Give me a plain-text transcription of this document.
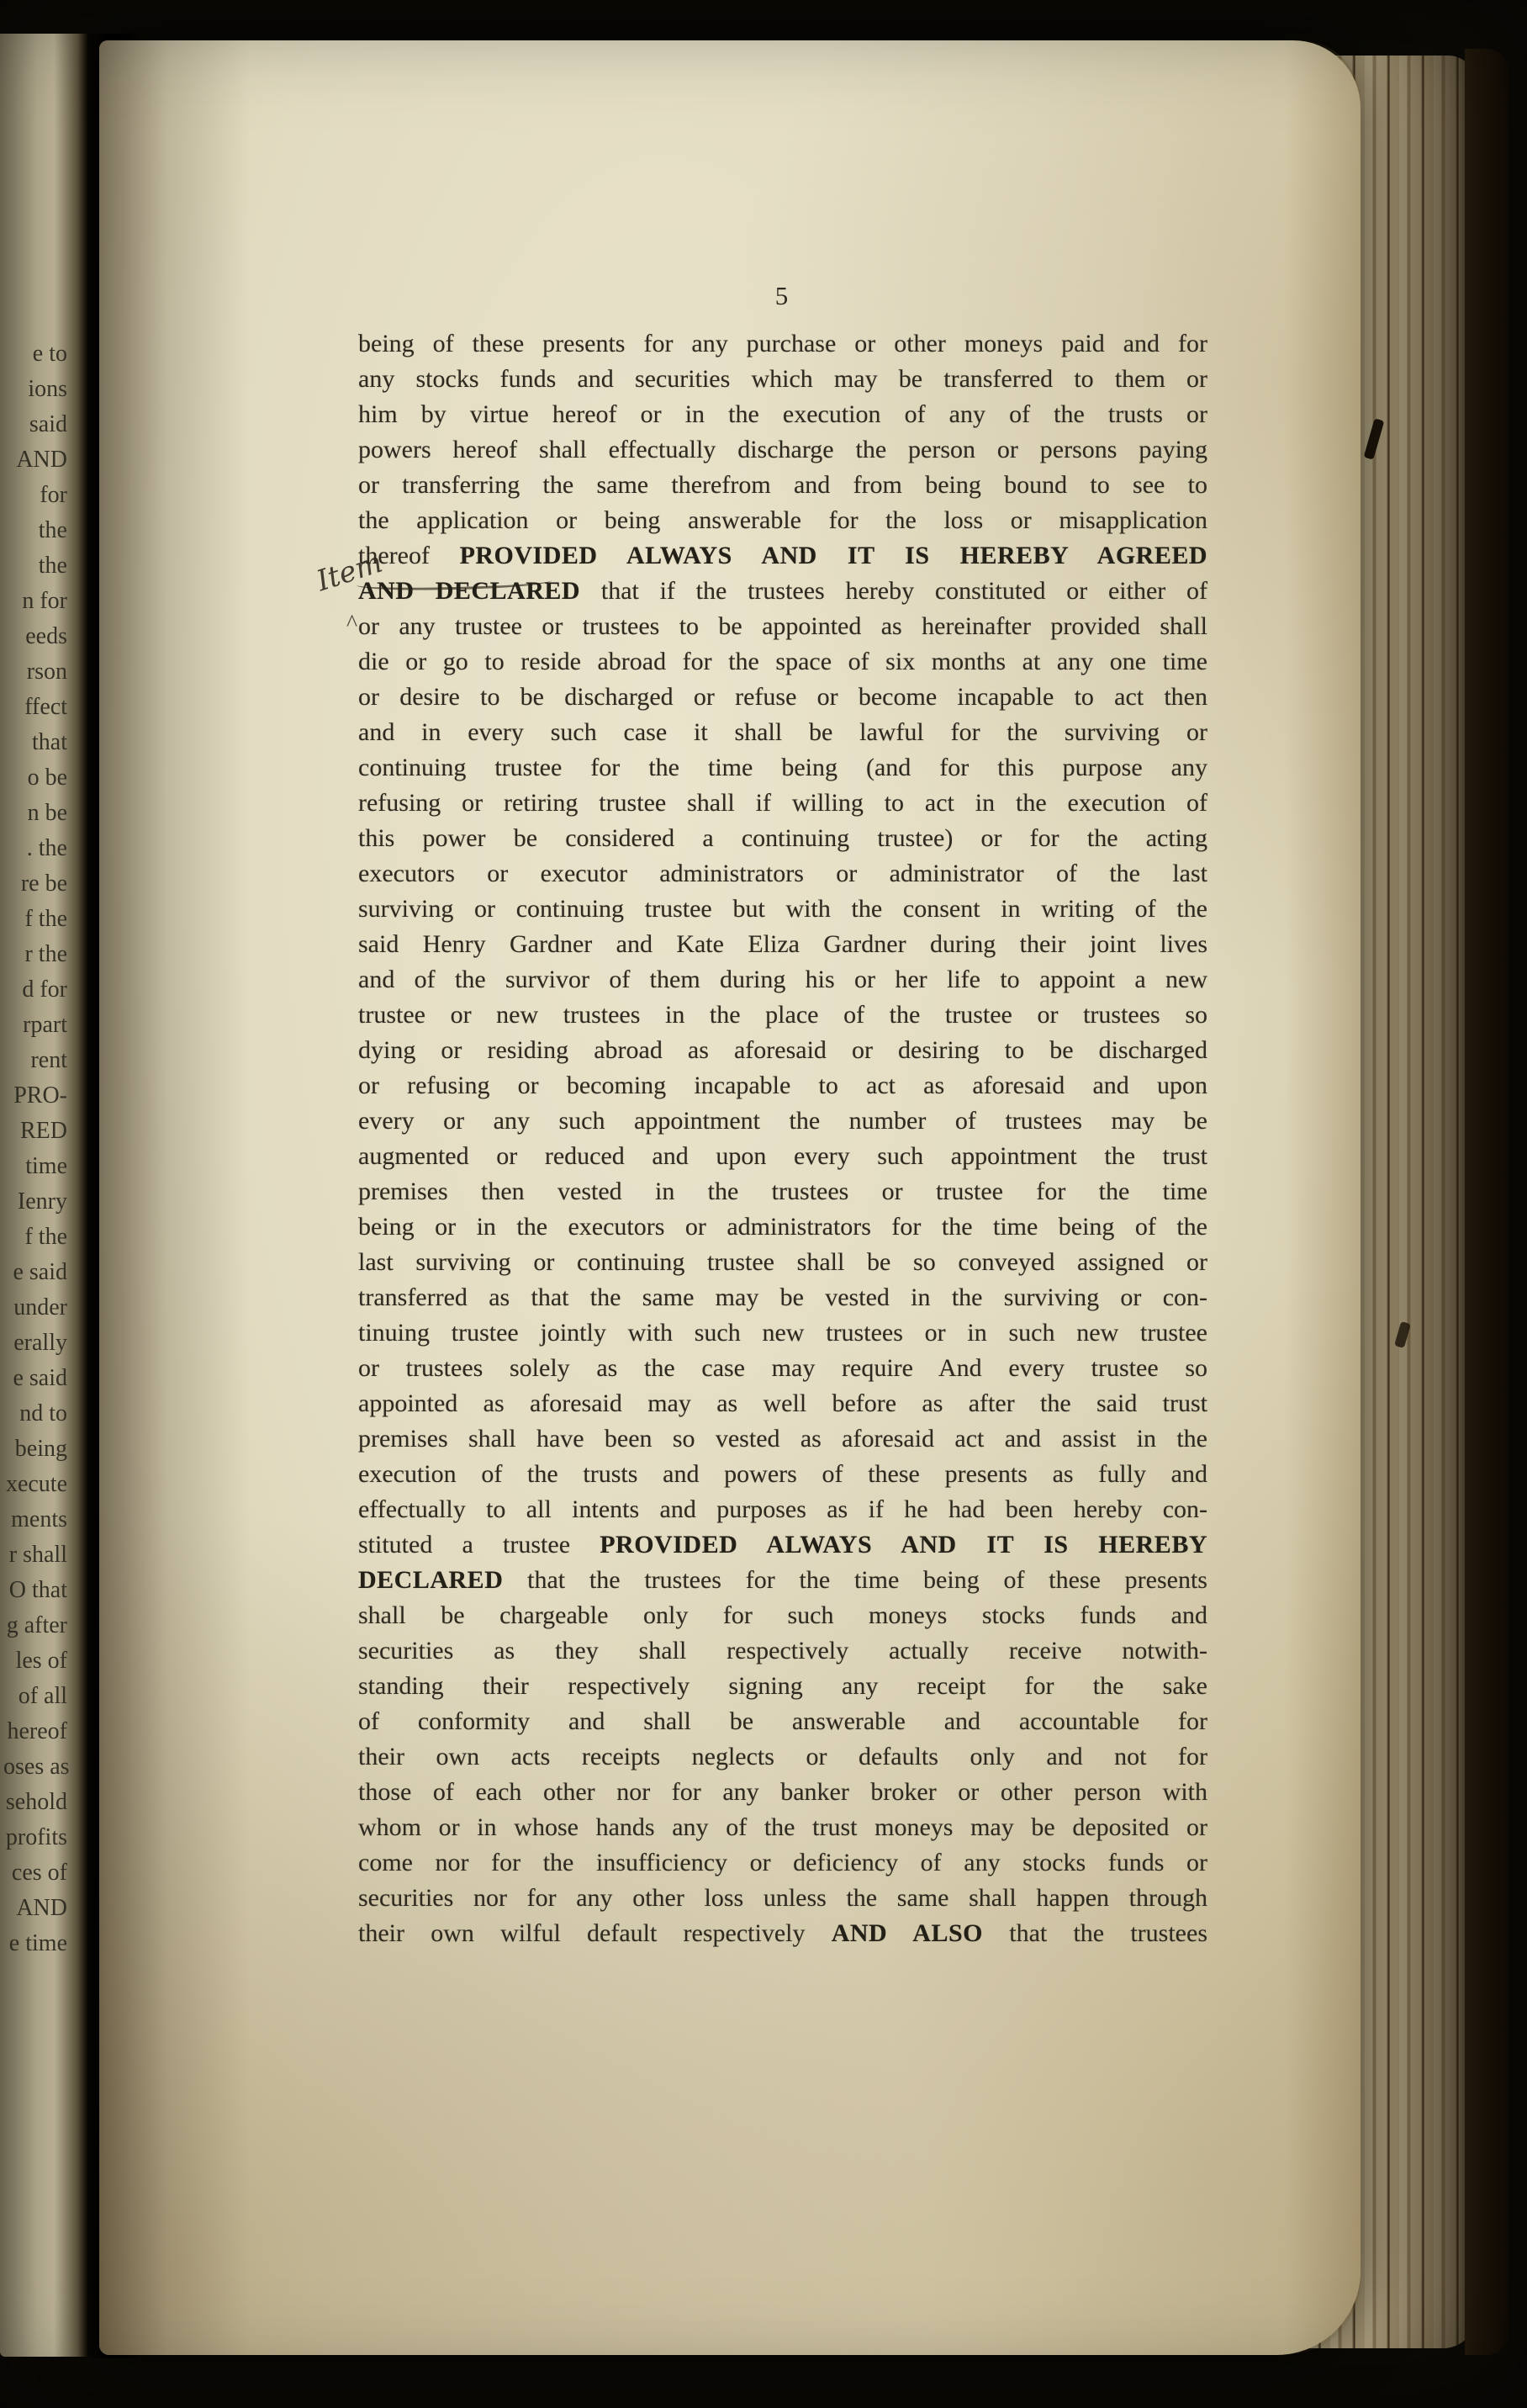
e to
ions
said
AND
for
the
the
n for
eeds
rson
ffect
that
o be
n be
. the
re be
f the
r the
d for
rpart
rent
PRO-
RED
time
Ienry
f the
e said
under
erally
e said
nd to
being
xecute
ments
r shall
O that
g after
les of
of all
hereof
oses as
sehold
profits
ces of
AND
e time
5
Item
^
being of these presents for any purchase or other moneys paid and for
any stocks funds and securities which may be transferred to them or
him by virtue hereof or in the execution of any of the trusts or
powers hereof shall effectually discharge the person or persons paying
or transferring the same therefrom and from being bound to see to
the application or being answerable for the loss or misapplication
thereof PROVIDED ALWAYS AND IT IS HEREBY AGREED
AND DECLARED that if the trustees hereby constituted or either of
or any trustee or trustees to be appointed as hereinafter provided shall
die or go to reside abroad for the space of six months at any one time
or desire to be discharged or refuse or become incapable to act then
and in every such case it shall be lawful for the surviving or
continuing trustee for the time being (and for this purpose any
refusing or retiring trustee shall if willing to act in the execution of
this power be considered a continuing trustee) or for the acting
executors or executor administrators or administrator of the last
surviving or continuing trustee but with the consent in writing of the
said Henry Gardner and Kate Eliza Gardner during their joint lives
and of the survivor of them during his or her life to appoint a new
trustee or new trustees in the place of the trustee or trustees so
dying or residing abroad as aforesaid or desiring to be discharged
or refusing or becoming incapable to act as aforesaid and upon
every or any such appointment the number of trustees may be
augmented or reduced and upon every such appointment the trust
premises then vested in the trustees or trustee for the time
being or in the executors or administrators for the time being of the
last surviving or continuing trustee shall be so conveyed assigned or
transferred as that the same may be vested in the surviving or con-
tinuing trustee jointly with such new trustees or in such new trustee
or trustees solely as the case may require And every trustee so
appointed as aforesaid may as well before as after the said trust
premises shall have been so vested as aforesaid act and assist in the
execution of the trusts and powers of these presents as fully and
effectually to all intents and purposes as if he had been hereby con-
stituted a trustee PROVIDED ALWAYS AND IT IS HEREBY
DECLARED that the trustees for the time being of these presents
shall be chargeable only for such moneys stocks funds and
securities as they shall respectively actually receive notwith-
standing their respectively signing any receipt for the sake
of conformity and shall be answerable and accountable for
their own acts receipts neglects or defaults only and not for
those of each other nor for any banker broker or other person with
whom or in whose hands any of the trust moneys may be deposited or
come nor for the insufficiency or deficiency of any stocks funds or
securities nor for any other loss unless the same shall happen through
their own wilful default respectively AND ALSO that the trustees
